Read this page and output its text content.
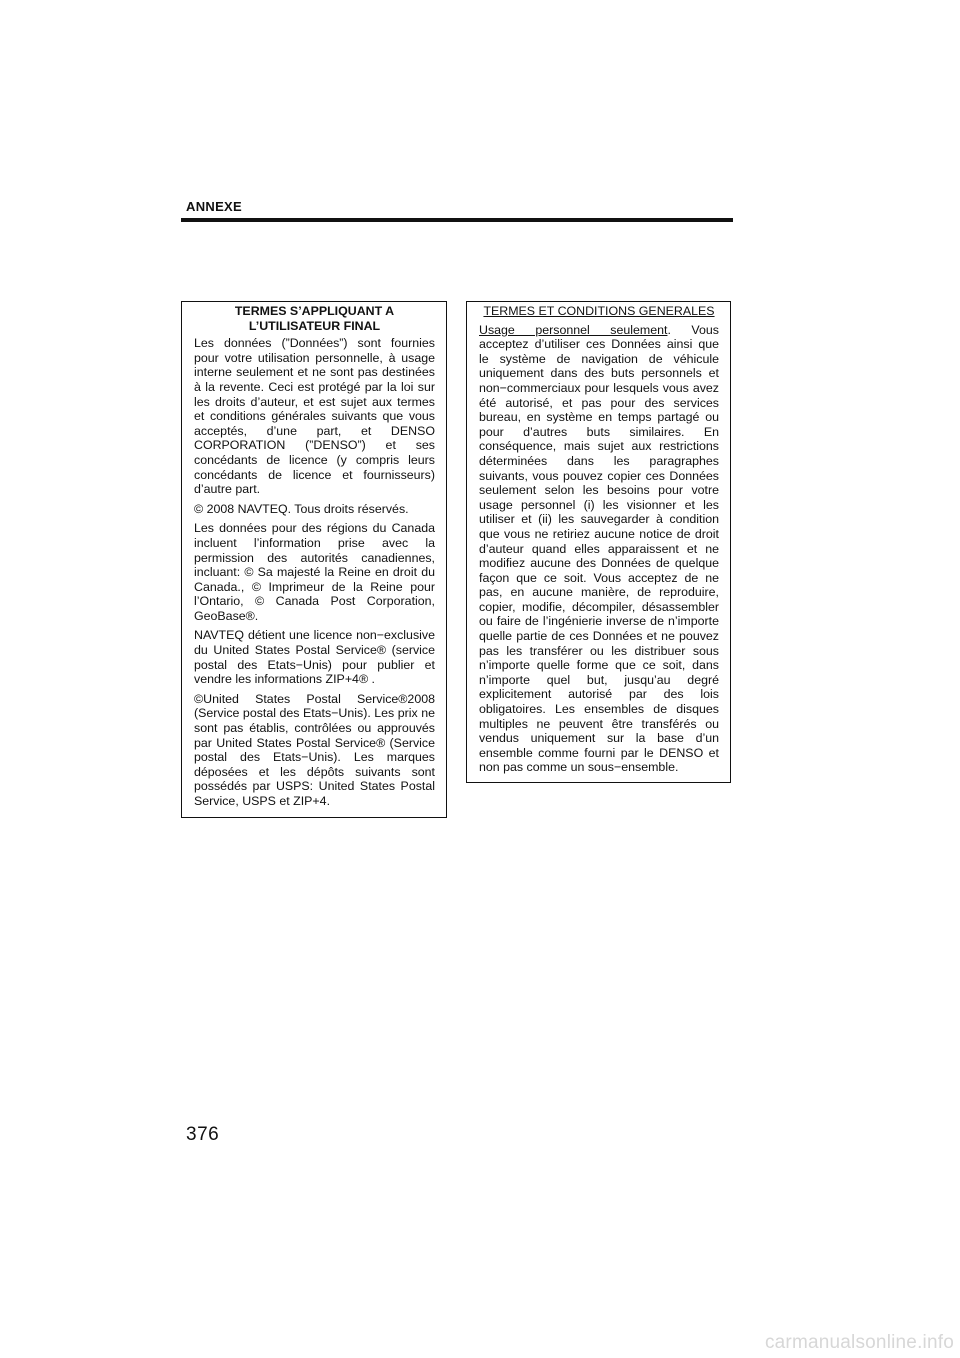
ANNEXE
TERMES S’APPLIQUANT A
L’UTILISATEUR FINAL

Les données (”Données”) sont fournies pour votre utilisation personnelle, à usage interne seulement et ne sont pas destinées à la revente. Ceci est protégé par la loi sur les droits d’auteur, et est sujet aux termes et conditions générales suivants que vous acceptés, d’une part, et DENSO CORPORATION (”DENSO”) et ses concédants de licence (y compris leurs concédants de licence et fournisseurs) d’autre part.

© 2008 NAVTEQ. Tous droits réservés.

Les données pour des régions du Canada incluent l’information prise avec la permission des autorités canadiennes, incluant: © Sa majesté la Reine en droit du Canada., © Imprimeur de la Reine pour l’Ontario, © Canada Post Corporation, GeoBase®.

NAVTEQ détient une licence non−exclusive du United States Postal Service® (service postal des Etats−Unis) pour publier et vendre les informations ZIP+4® .

©United States Postal Service®2008 (Service postal des Etats−Unis). Les prix ne sont pas établis, contrôlées ou approuvés par United States Postal Service® (Service postal des Etats−Unis). Les marques déposées et les dépôts suivants sont possédés par USPS: United States Postal Service, USPS et ZIP+4.

TERMES ET CONDITIONS GENERALES

Usage personnel seulement. Vous acceptez d’utiliser ces Données ainsi que le système de navigation de véhicule uniquement dans des buts personnels et non−commerciaux pour lesquels vous avez été autorisé, et pas pour des services bureau, en système en temps partagé ou pour d’autres buts similaires. En conséquence, mais sujet aux restrictions déterminées dans les paragraphes suivants, vous pouvez copier ces Données seulement selon les besoins pour votre usage personnel (i) les visionner et les utiliser et (ii) les sauvegarder à condition que vous ne retiriez aucune notice de droit d’auteur quand elles apparaissent et ne modifiez aucune des Données de quelque façon que ce soit. Vous acceptez de ne pas, en aucune manière, de reproduire, copier, modifie, décompiler, désassembler ou faire de l’ingénierie inverse de n’importe quelle partie de ces Données et ne pouvez pas les transférer ou les distribuer sous n’importe quelle forme que ce soit, dans n’importe quel but, jusqu’au degré explicitement autorisé par des lois obligatoires. Les ensembles de disques multiples ne peuvent être transférés ou vendus uniquement sur la base d’un ensemble comme fourni par le DENSO et non pas comme un sous−ensemble.

376
carmanualsonline.info
